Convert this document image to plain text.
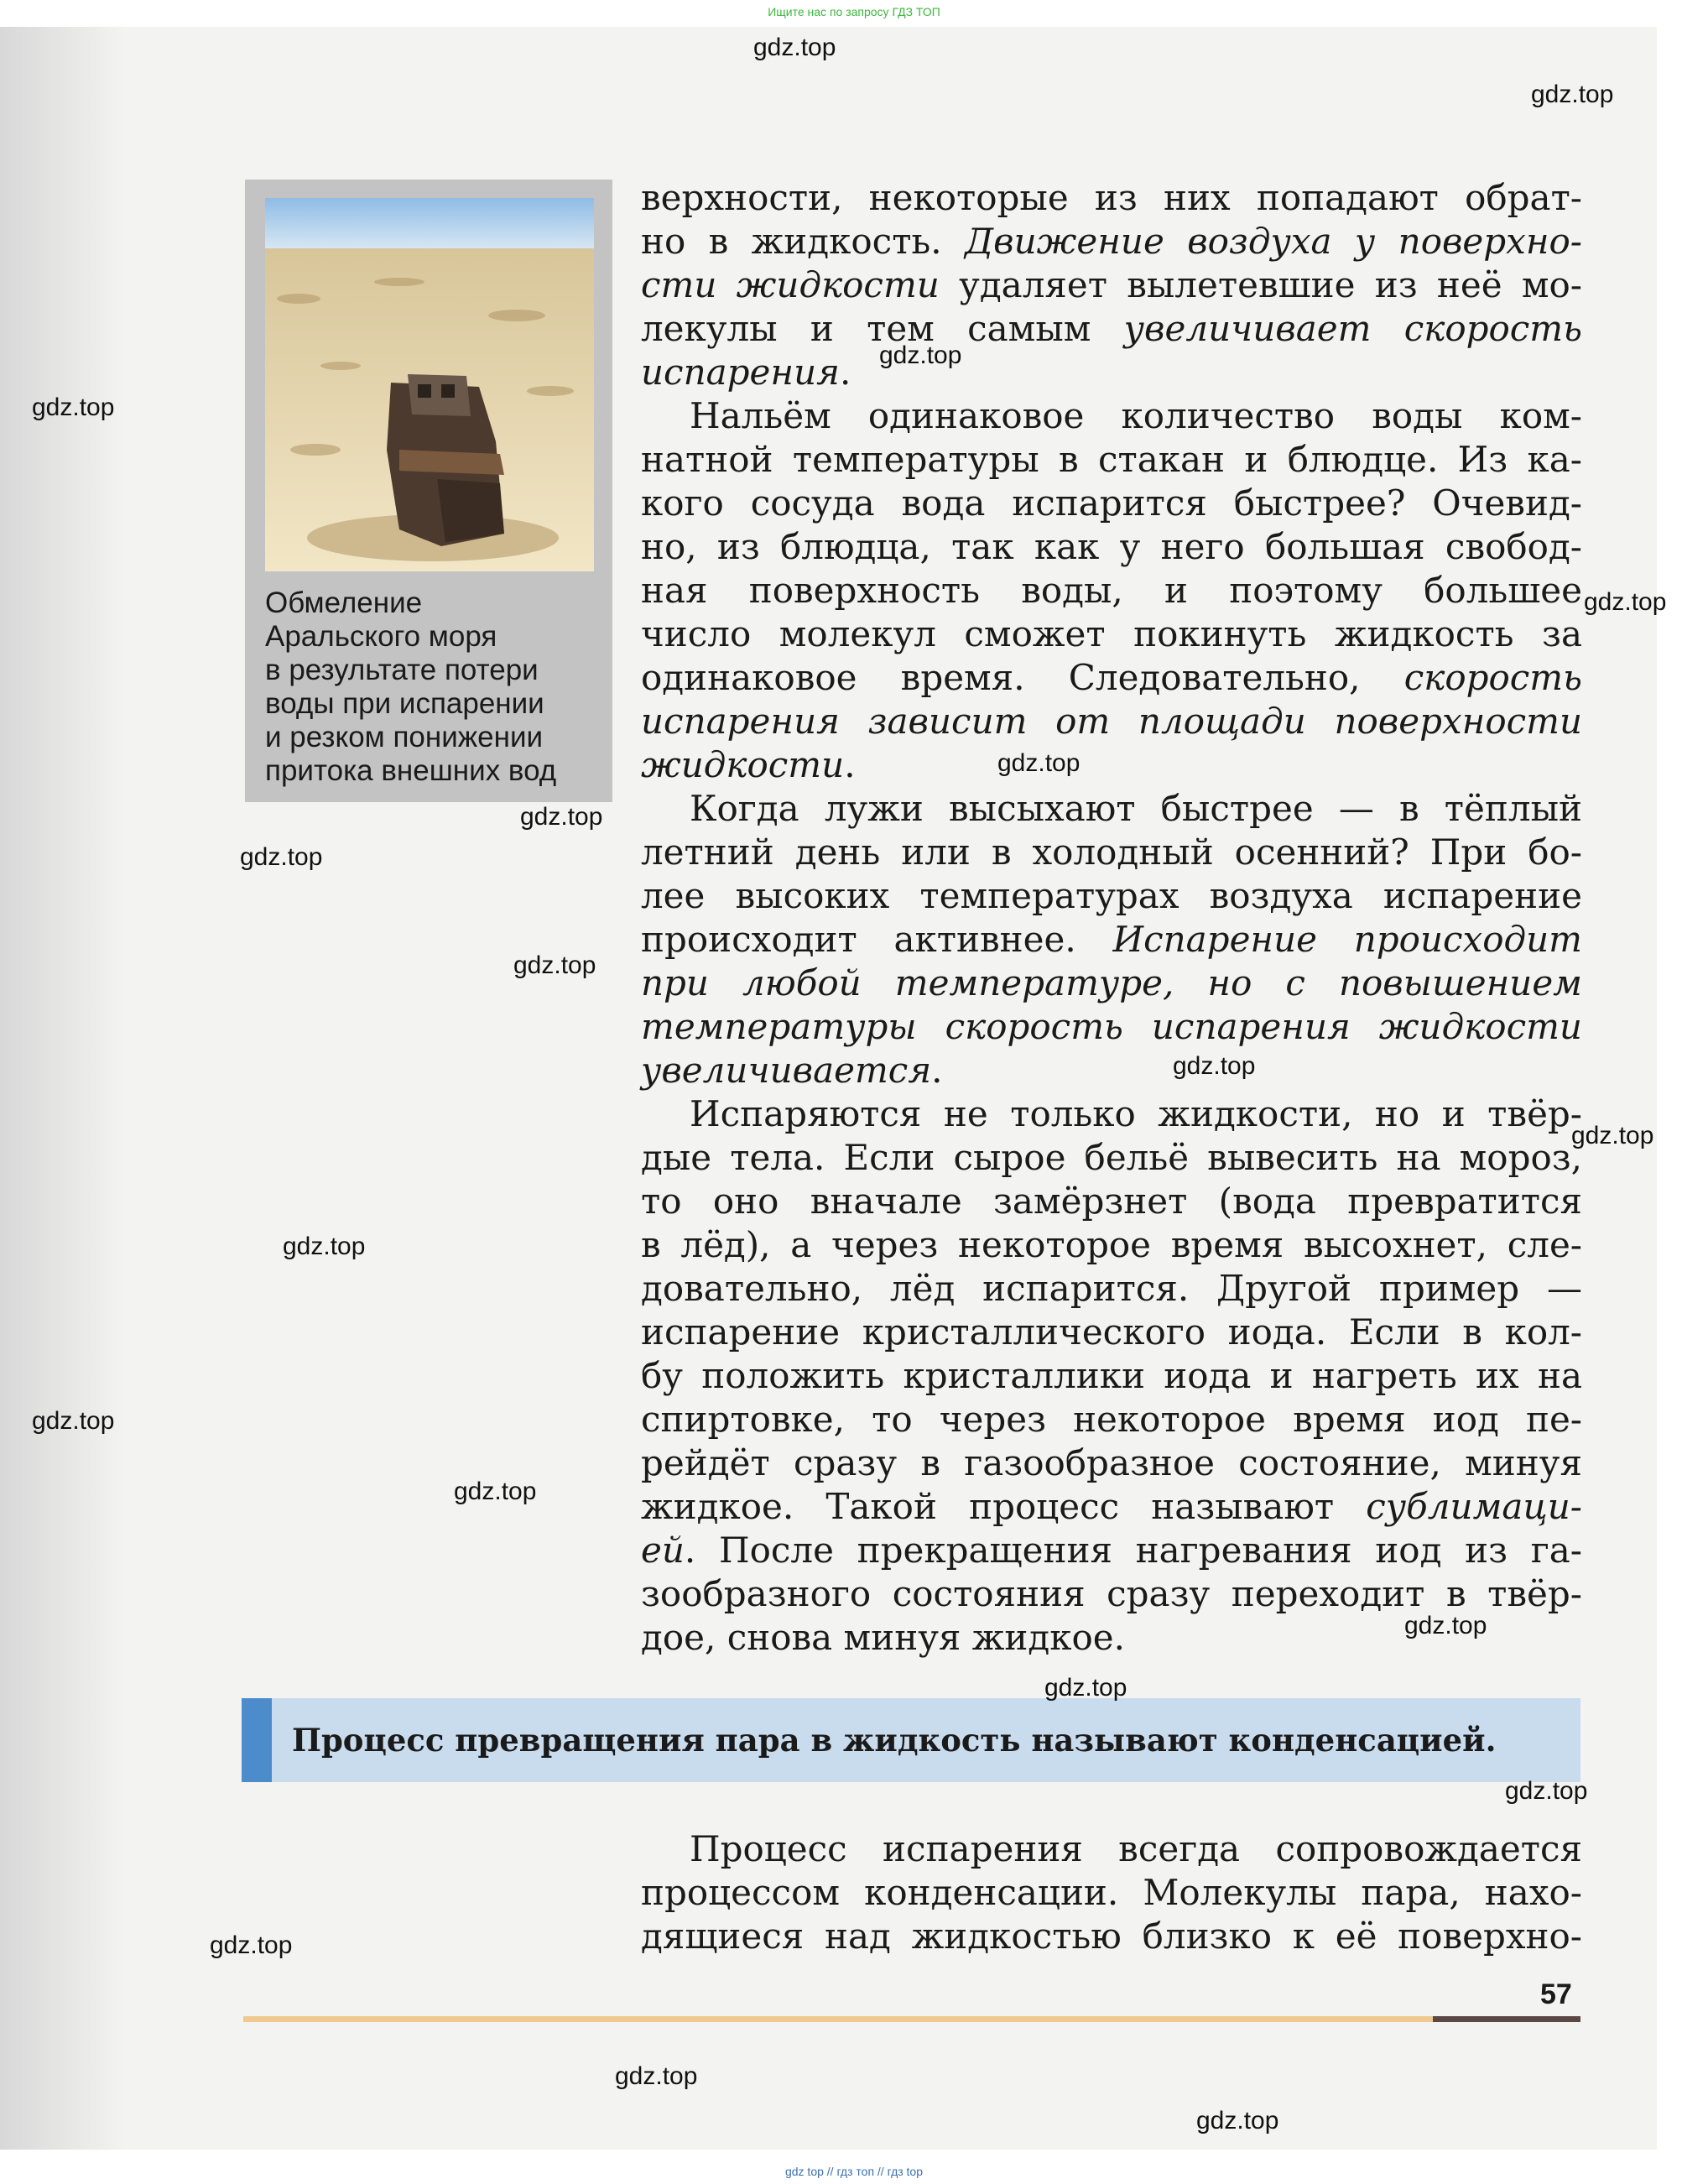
Ищите нас по запросу ГДЗ ТОП
Обмеление
Аральского моря
в результате потери
воды при испарении
и резком понижении
притока внешних вод
верхности, некоторые из них попадают обрат-
но в жидкость. Движение воздуха у поверхно-
сти жидкости удаляет вылетевшие из неё мо-
лекулы и тем самым увеличивает скорость
испарения.
Нальём одинаковое количество воды ком-
натной температуры в стакан и блюдце. Из ка-
кого сосуда вода испарится быстрее? Очевид-
но, из блюдца, так как у него большая свобод-
ная поверхность воды, и поэтому большее
число молекул сможет покинуть жидкость за
одинаковое время. Следовательно, скорость
испарения зависит от площади поверхности
жидкости.
Когда лужи высыхают быстрее — в тёплый
летний день или в холодный осенний? При бо-
лее высоких температурах воздуха испарение
происходит активнее. Испарение происходит
при любой температуре, но с повышением
температуры скорость испарения жидкости
увеличивается.
Испаряются не только жидкости, но и твёр-
дые тела. Если сырое бельё вывесить на мороз,
то оно вначале замёрзнет (вода превратится
в лёд), а через некоторое время высохнет, сле-
довательно, лёд испарится. Другой пример —
испарение кристаллического иода. Если в кол-
бу положить кристаллики иода и нагреть их на
спиртовке, то через некоторое время иод пе-
рейдёт сразу в газообразное состояние, минуя
жидкое. Такой процесс называют сублимаци-
ей. После прекращения нагревания иод из га-
зообразного состояния сразу переходит в твёр-
дое, снова минуя жидкое.
Процесс превращения пара в жидкость называют конденсацией.
Процесс испарения всегда сопровождается
процессом конденсации. Молекулы пара, нахо-
дящиеся над жидкостью близко к её поверхно-
57
gdz top // гдз топ // гдз top
gdz.top
gdz.top
gdz.top
gdz.top
gdz.top
gdz.top
gdz.top
gdz.top
gdz.top
gdz.top
gdz.top
gdz.top
gdz.top
gdz.top
gdz.top
gdz.top
gdz.top
gdz.top
gdz.top
gdz.top
